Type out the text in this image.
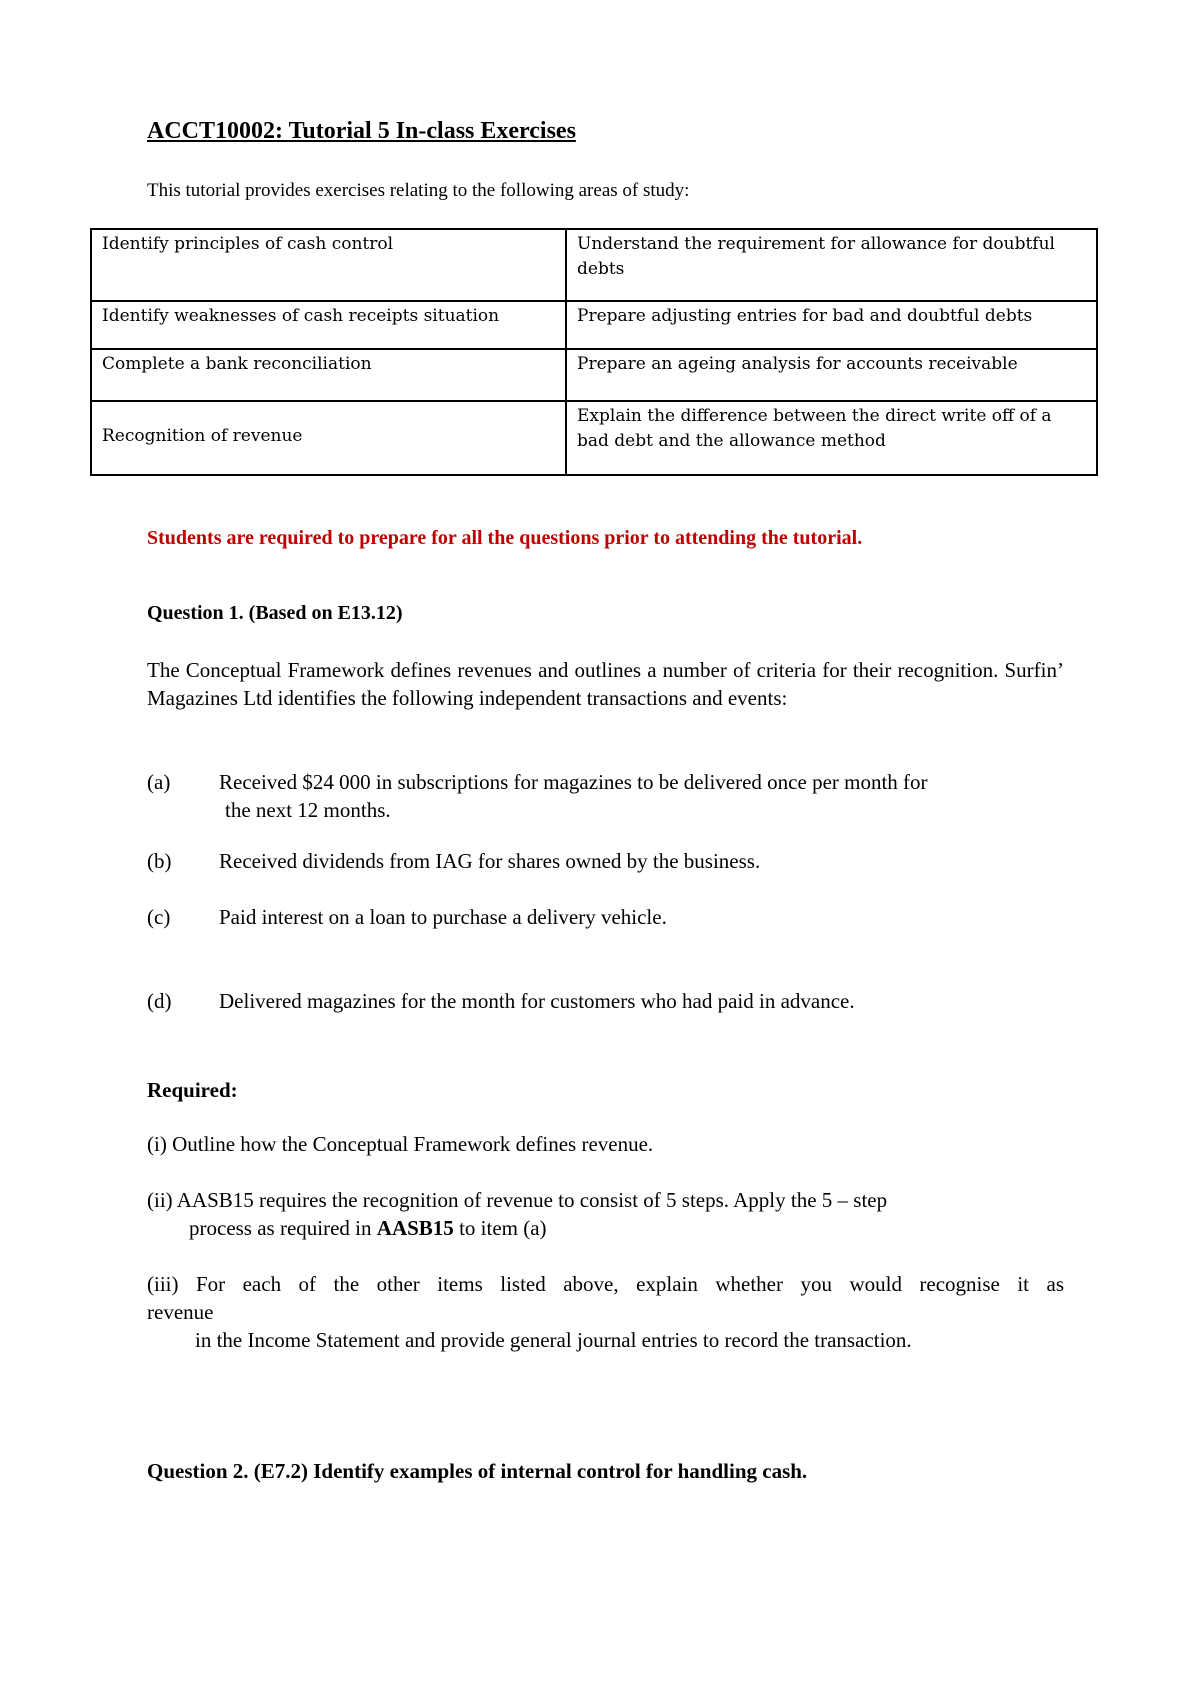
ACCT10002: Tutorial 5 In-class Exercises

This tutorial provides exercises relating to the following areas of study:

Identify principles of cash control	Understand the requirement for allowance for doubtful debts
Identify weaknesses of cash receipts situation	Prepare adjusting entries for bad and doubtful debts
Complete a bank reconciliation	Prepare an ageing analysis for accounts receivable
Recognition of revenue	Explain the difference between the direct write off of a bad debt and the allowance method

Students are required to prepare for all the questions prior to attending the tutorial.

Question 1. (Based on E13.12)

The Conceptual Framework defines revenues and outlines a number of criteria for their recognition. Surfin’ Magazines Ltd identifies the following independent transactions and events:

(a) Received $24 000 in subscriptions for magazines to be delivered once per month for
the next 12 months.
(b) Received dividends from IAG for shares owned by the business.
(c) Paid interest on a loan to purchase a delivery vehicle.
(d) Delivered magazines for the month for customers who had paid in advance.

Required:

(i) Outline how the Conceptual Framework defines revenue.

(ii) AASB15 requires the recognition of revenue to consist of 5 steps. Apply the 5 – step
process as required in AASB15 to item (a)
(iii) For each of the other items listed above, explain whether you would recognise it as
revenue
in the Income Statement and provide general journal entries to record the transaction.
Question 2. (E7.2) Identify examples of internal control for handling cash.
